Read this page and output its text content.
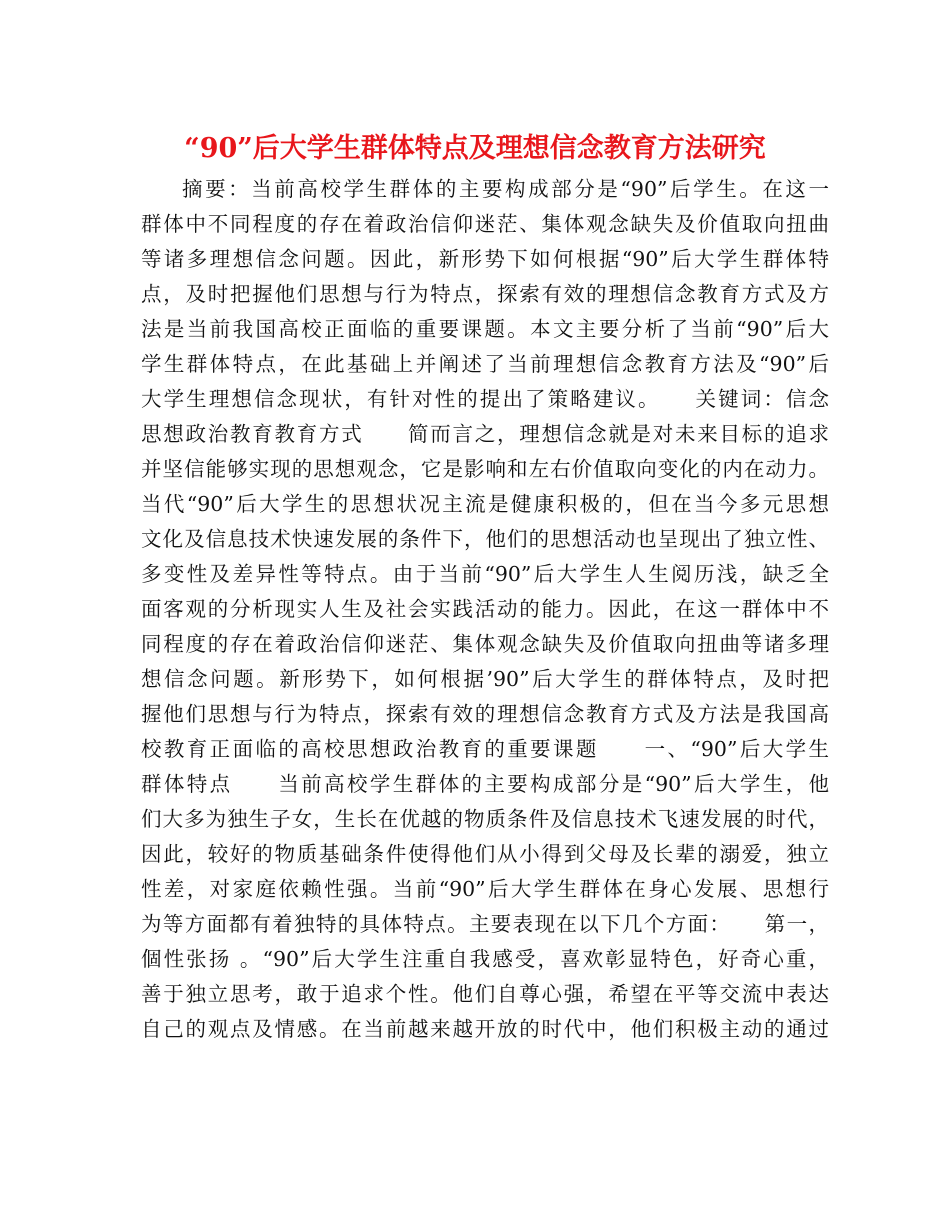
“90”后大学生群体特点及理想信念教育方法研究
摘要：当前高校学生群体的主要构成部分是“90”后学生。在这一
群体中不同程度的存在着政治信仰迷茫、集体观念缺失及价值取向扭曲
等诸多理想信念问题。因此，新形势下如何根据“90”后大学生群体特
点，及时把握他们思想与行为特点，探索有效的理想信念教育方式及方
法是当前我国高校正面临的重要课题。本文主要分析了当前“90”后大
学生群体特点，在此基础上并阐述了当前理想信念教育方法及“90”后
大学生理想信念现状，有针对性的提出了策略建议。　　关键词：信念
思想政治教育教育方式　　简而言之，理想信念就是对未来目标的追求
并坚信能够实现的思想观念，它是影响和左右价值取向变化的内在动力。
当代“90”后大学生的思想状况主流是健康积极的，但在当今多元思想
文化及信息技术快速发展的条件下，他们的思想活动也呈现出了独立性、
多变性及差异性等特点。由于当前“90”后大学生人生阅历浅，缺乏全
面客观的分析现实人生及社会实践活动的能力。因此，在这一群体中不
同程度的存在着政治信仰迷茫、集体观念缺失及价值取向扭曲等诸多理
想信念问题。新形势下，如何根据’90”后大学生的群体特点，及时把
握他们思想与行为特点，探索有效的理想信念教育方式及方法是我国高
校教育正面临的高校思想政治教育的重要课题　　一、“90”后大学生
群体特点　　当前高校学生群体的主要构成部分是“90”后大学生，他
们大多为独生子女，生长在优越的物质条件及信息技术飞速发展的时代，
因此，较好的物质基础条件使得他们从小得到父母及长辈的溺爱，独立
性差，对家庭依赖性强。当前“90”后大学生群体在身心发展、思想行
为等方面都有着独特的具体特点。主要表现在以下几个方面：　　第一，
個性张扬 。“90”后大学生注重自我感受，喜欢彰显特色，好奇心重，
善于独立思考，敢于追求个性。他们自尊心强，希望在平等交流中表达
自己的观点及情感。在当前越来越开放的时代中，他们积极主动的通过
